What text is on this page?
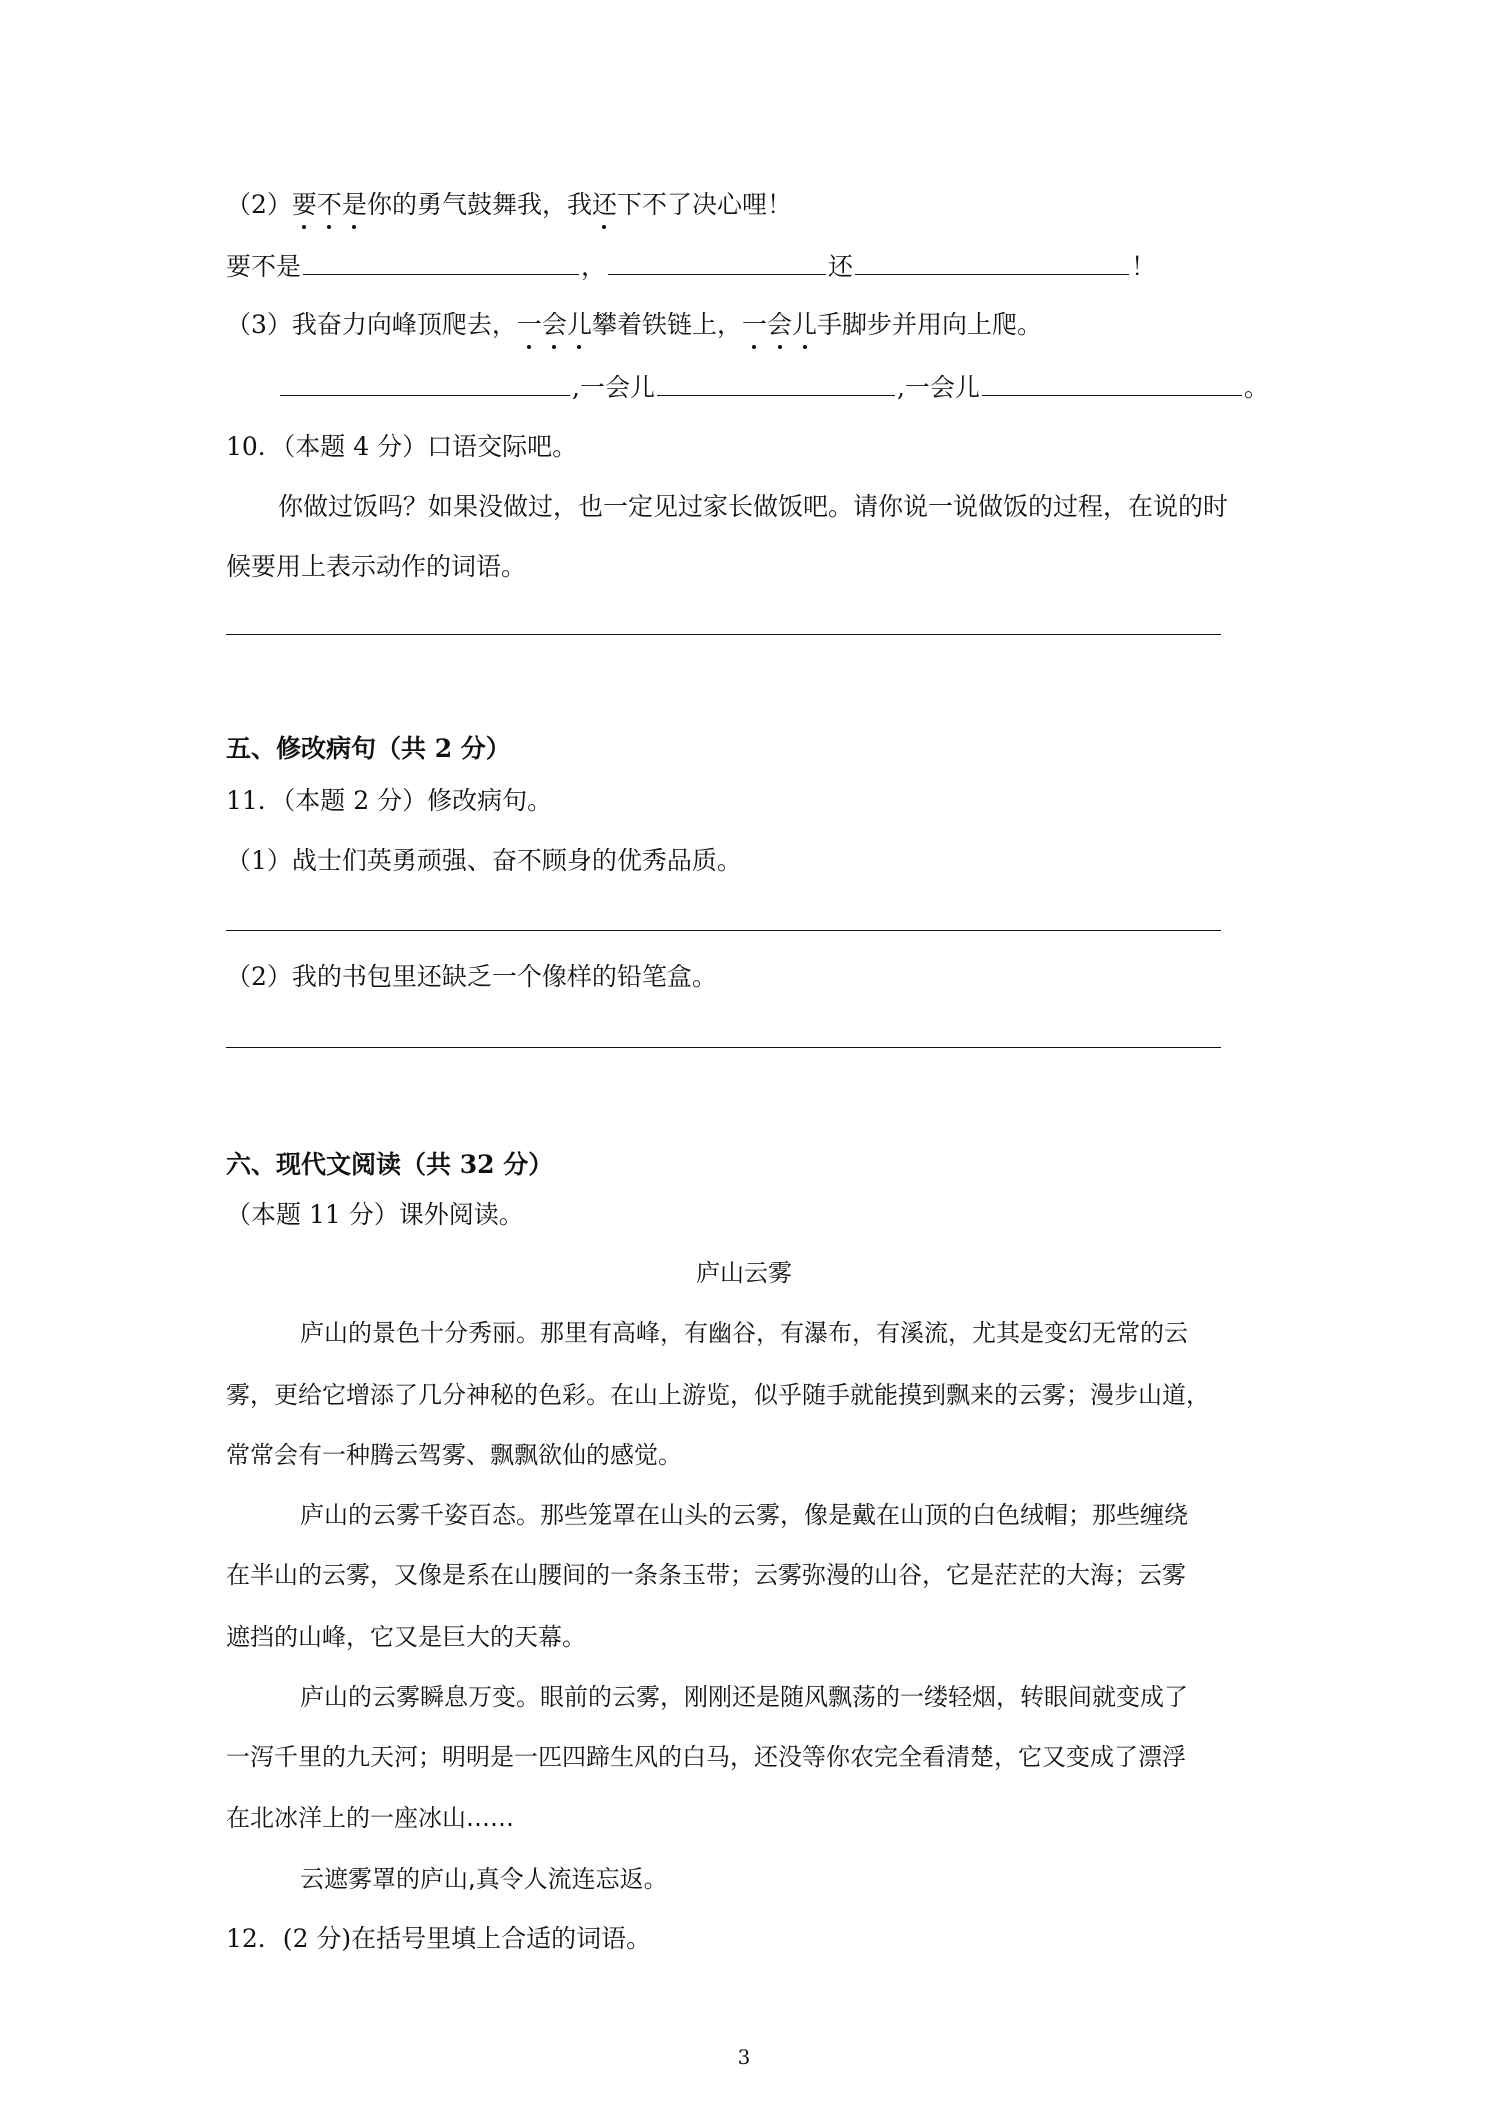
（2）要不是你的勇气鼓舞我，我还下不了决心哩！
要不是	，	还	！
（3）我奋力向峰顶爬去，一会儿攀着铁链上，一会儿手脚步并用向上爬。
,一会儿	,一会儿	。
10．（本题 4 分）口语交际吧。
你做过饭吗？如果没做过，也一定见过家长做饭吧。请你说一说做饭的过程，在说的时
候要用上表示动作的词语。
五、修改病句（共 2 分）
11．（本题 2 分）修改病句。
（1）战士们英勇顽强、奋不顾身的优秀品质。
（2）我的书包里还缺乏一个像样的铅笔盒。
六、现代文阅读（共 32 分）
（本题 11 分）课外阅读。
庐山云雾
庐山的景色十分秀丽。那里有高峰，有幽谷，有瀑布，有溪流，尤其是变幻无常的云
雾，更给它增添了几分神秘的色彩。在山上游览，似乎随手就能摸到飘来的云雾；漫步山道，
常常会有一种腾云驾雾、飘飘欲仙的感觉。
庐山的云雾千姿百态。那些笼罩在山头的云雾，像是戴在山顶的白色绒帽；那些缠绕
在半山的云雾，又像是系在山腰间的一条条玉带；云雾弥漫的山谷，它是茫茫的大海；云雾
遮挡的山峰，它又是巨大的天幕。
庐山的云雾瞬息万变。眼前的云雾，刚刚还是随风飘荡的一缕轻烟，转眼间就变成了
一泻千里的九天河；明明是一匹四蹄生风的白马，还没等你农完全看清楚，它又变成了漂浮
在北冰洋上的一座冰山……
云遮雾罩的庐山,真令人流连忘返。
12．(2 分)在括号里填上合适的词语。
3
